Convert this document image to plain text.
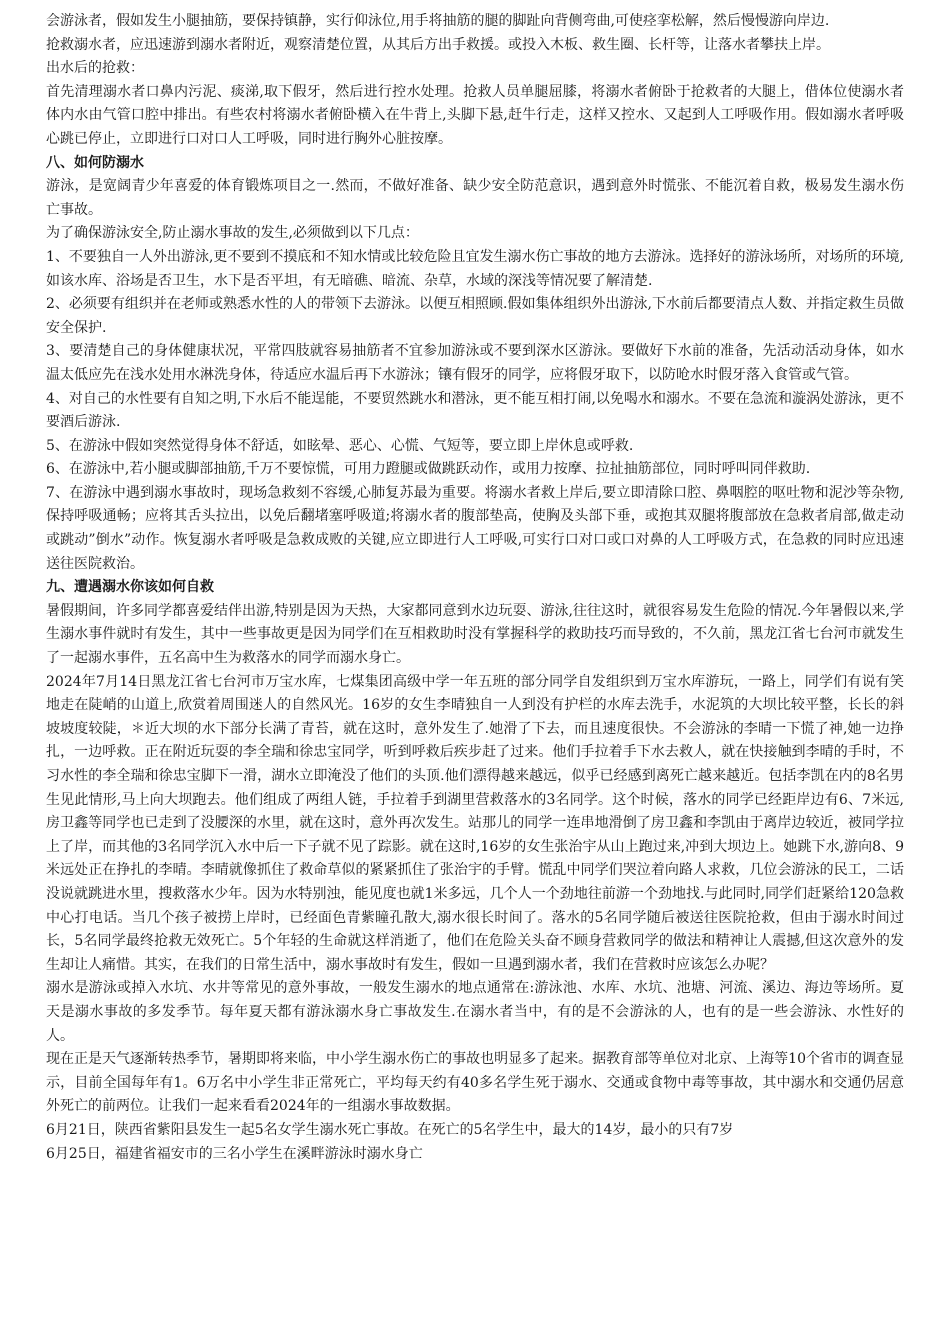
会游泳者，假如发生小腿抽筋，要保持镇静，实行仰泳位,用手将抽筋的腿的脚趾向背侧弯曲,可使痉挛松解，然后慢慢游向岸边.

抢救溺水者，应迅速游到溺水者附近，观察清楚位置，从其后方出手救援。或投入木板、救生圈、长杆等，让落水者攀扶上岸。

出水后的抢救：

首先清理溺水者口鼻内污泥、痰涕,取下假牙，然后进行控水处理。抢救人员单腿屈膝，将溺水者俯卧于抢救者的大腿上，借体位使溺水者体内水由气管口腔中排出。有些农村将溺水者俯卧横入在牛背上,头脚下悬,赶牛行走，这样又控水、又起到人工呼吸作用。假如溺水者呼吸心跳已停止，立即进行口对口人工呼吸，同时进行胸外心脏按摩。

八、如何防溺水

游泳，是宽阔青少年喜爱的体育锻炼项目之一.然而，不做好准备、缺少安全防范意识，遇到意外时慌张、不能沉着自救，极易发生溺水伤亡事故。

为了确保游泳安全,防止溺水事故的发生,必须做到以下几点：

1、不要独自一人外出游泳,更不要到不摸底和不知水情或比较危险且宜发生溺水伤亡事故的地方去游泳。选择好的游泳场所，对场所的环境,如该水库、浴场是否卫生，水下是否平坦，有无暗礁、暗流、杂草，水域的深浅等情况要了解清楚.

2、必须要有组织并在老师或熟悉水性的人的带领下去游泳。以便互相照顾.假如集体组织外出游泳,下水前后都要清点人数、并指定救生员做安全保护.

3、要清楚自己的身体健康状况，平常四肢就容易抽筋者不宜参加游泳或不要到深水区游泳。要做好下水前的准备，先活动活动身体，如水温太低应先在浅水处用水淋洗身体，待适应水温后再下水游泳；镶有假牙的同学，应将假牙取下，以防呛水时假牙落入食管或气管。

4、对自己的水性要有自知之明,下水后不能逞能，不要贸然跳水和潜泳，更不能互相打闹,以免喝水和溺水。不要在急流和漩涡处游泳，更不要酒后游泳.

5、在游泳中假如突然觉得身体不舒适，如眩晕、恶心、心慌、气短等，要立即上岸休息或呼救.

6、在游泳中,若小腿或脚部抽筋,千万不要惊慌，可用力蹬腿或做跳跃动作，或用力按摩、拉扯抽筋部位，同时呼叫同伴救助.

7、在游泳中遇到溺水事故时，现场急救刻不容缓,心肺复苏最为重要。将溺水者救上岸后,要立即清除口腔、鼻咽腔的呕吐物和泥沙等杂物,保持呼吸通畅；应将其舌头拉出，以免后翻堵塞呼吸道;将溺水者的腹部垫高，使胸及头部下垂，或抱其双腿将腹部放在急救者肩部,做走动或跳动”倒水”动作。恢复溺水者呼吸是急救成败的关键,应立即进行人工呼吸,可实行口对口或口对鼻的人工呼吸方式，在急救的同时应迅速送往医院救治。

九、遭遇溺水你该如何自救

暑假期间，许多同学都喜爱结伴出游,特别是因为天热，大家都同意到水边玩耍、游泳,往往这时，就很容易发生危险的情况.今年暑假以来,学生溺水事件就时有发生，其中一些事故更是因为同学们在互相救助时没有掌握科学的救助技巧而导致的，不久前，黑龙江省七台河市就发生了一起溺水事件，五名高中生为救落水的同学而溺水身亡。

2024年7月14日黑龙江省七台河市万宝水库，七煤集团高级中学一年五班的部分同学自发组织到万宝水库游玩，一路上，同学们有说有笑地走在陡峭的山道上,欣赏着周围迷人的自然风光。16岁的女生李晴独自一人到没有护栏的水库去洗手，水泥筑的大坝比较平整，长长的斜坡坡度较陡，＊近大坝的水下部分长满了青苔，就在这时，意外发生了.她滑了下去，而且速度很快。不会游泳的李晴一下慌了神,她一边挣扎，一边呼救。正在附近玩耍的李全瑞和徐忠宝同学，听到呼救后疾步赶了过来。他们手拉着手下水去救人，就在快接触到李晴的手时，不习水性的李全瑞和徐忠宝脚下一滑，湖水立即淹没了他们的头顶.他们漂得越来越远，似乎已经感到离死亡越来越近。包括李凯在内的8名男生见此情形,马上向大坝跑去。他们组成了两组人链，手拉着手到湖里营救落水的3名同学。这个时候，落水的同学已经距岸边有6、7米远,房卫鑫等同学也已走到了没腰深的水里，就在这时，意外再次发生。站那儿的同学一连串地滑倒了房卫鑫和李凯由于离岸边较近，被同学拉上了岸，而其他的3名同学沉入水中后一下子就不见了踪影。就在这时,16岁的女生张治宇从山上跑过来,冲到大坝边上。她跳下水,游向8、9米远处正在挣扎的李晴。李晴就像抓住了救命草似的紧紧抓住了张治宇的手臂。慌乱中同学们哭泣着向路人求救，几位会游泳的民工，二话没说就跳进水里，搜救落水少年。因为水特别浊，能见度也就1米多远，几个人一个劲地往前游一个劲地找.与此同时,同学们赶紧给120急救中心打电话。当几个孩子被捞上岸时，已经面色青紫瞳孔散大,溺水很长时间了。落水的5名同学随后被送往医院抢救，但由于溺水时间过长，5名同学最终抢救无效死亡。5个年轻的生命就这样消逝了，他们在危险关头奋不顾身营救同学的做法和精神让人震撼,但这次意外的发生却让人痛惜。其实，在我们的日常生活中，溺水事故时有发生，假如一旦遇到溺水者，我们在营救时应该怎么办呢？

溺水是游泳或掉入水坑、水井等常见的意外事故，一般发生溺水的地点通常在:游泳池、水库、水坑、池塘、河流、溪边、海边等场所。夏天是溺水事故的多发季节。每年夏天都有游泳溺水身亡事故发生.在溺水者当中，有的是不会游泳的人，也有的是一些会游泳、水性好的人。

现在正是天气逐渐转热季节，暑期即将来临，中小学生溺水伤亡的事故也明显多了起来。据教育部等单位对北京、上海等10个省市的调查显示，目前全国每年有1。6万名中小学生非正常死亡，平均每天约有40多名学生死于溺水、交通或食物中毒等事故，其中溺水和交通仍居意外死亡的前两位。让我们一起来看看2024年的一组溺水事故数据。

6月21日，陕西省紫阳县发生一起5名女学生溺水死亡事故。在死亡的5名学生中，最大的14岁，最小的只有7岁

6月25日，福建省福安市的三名小学生在溪畔游泳时溺水身亡
